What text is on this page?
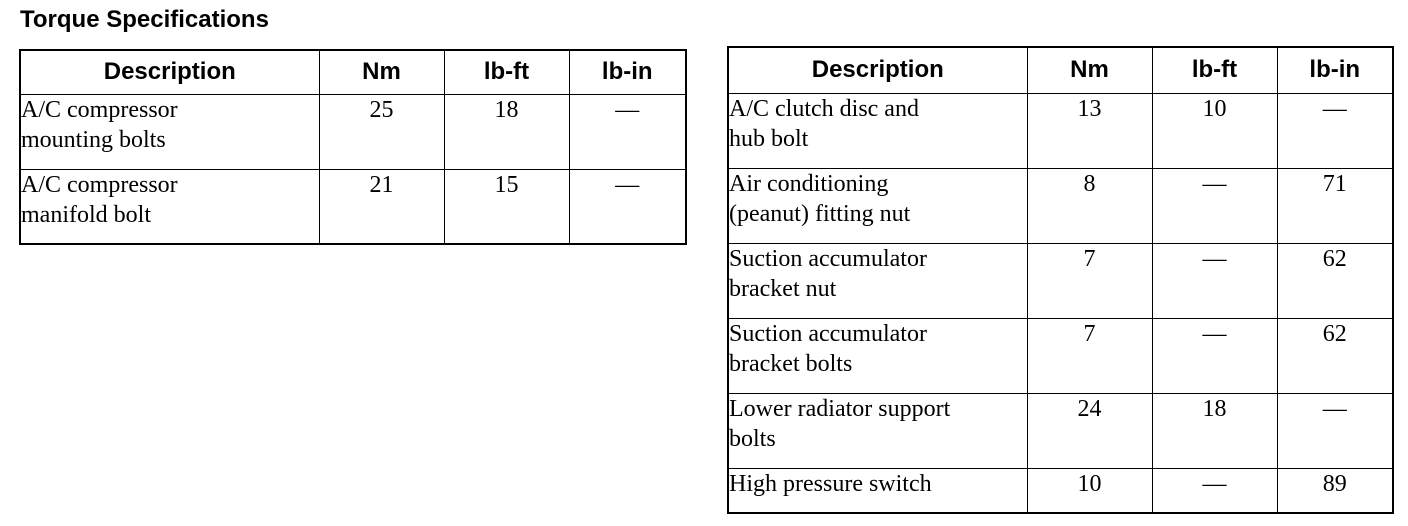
Torque Specifications
Description	Nm	lb-ft	lb-in

A/C compressor
mounting bolts	25	18	—

A/C compressor
manifold bolt	21	15	—
Description	Nm	lb-ft	lb-in

A/C clutch disc and
hub bolt	13	10	—

Air conditioning
(peanut) fitting nut	8	—	71

Suction accumulator
bracket nut	7	—	62

Suction accumulator
bracket bolts	7	—	62

Lower radiator support
bolts	24	18	—

High pressure switch	10	—	89
